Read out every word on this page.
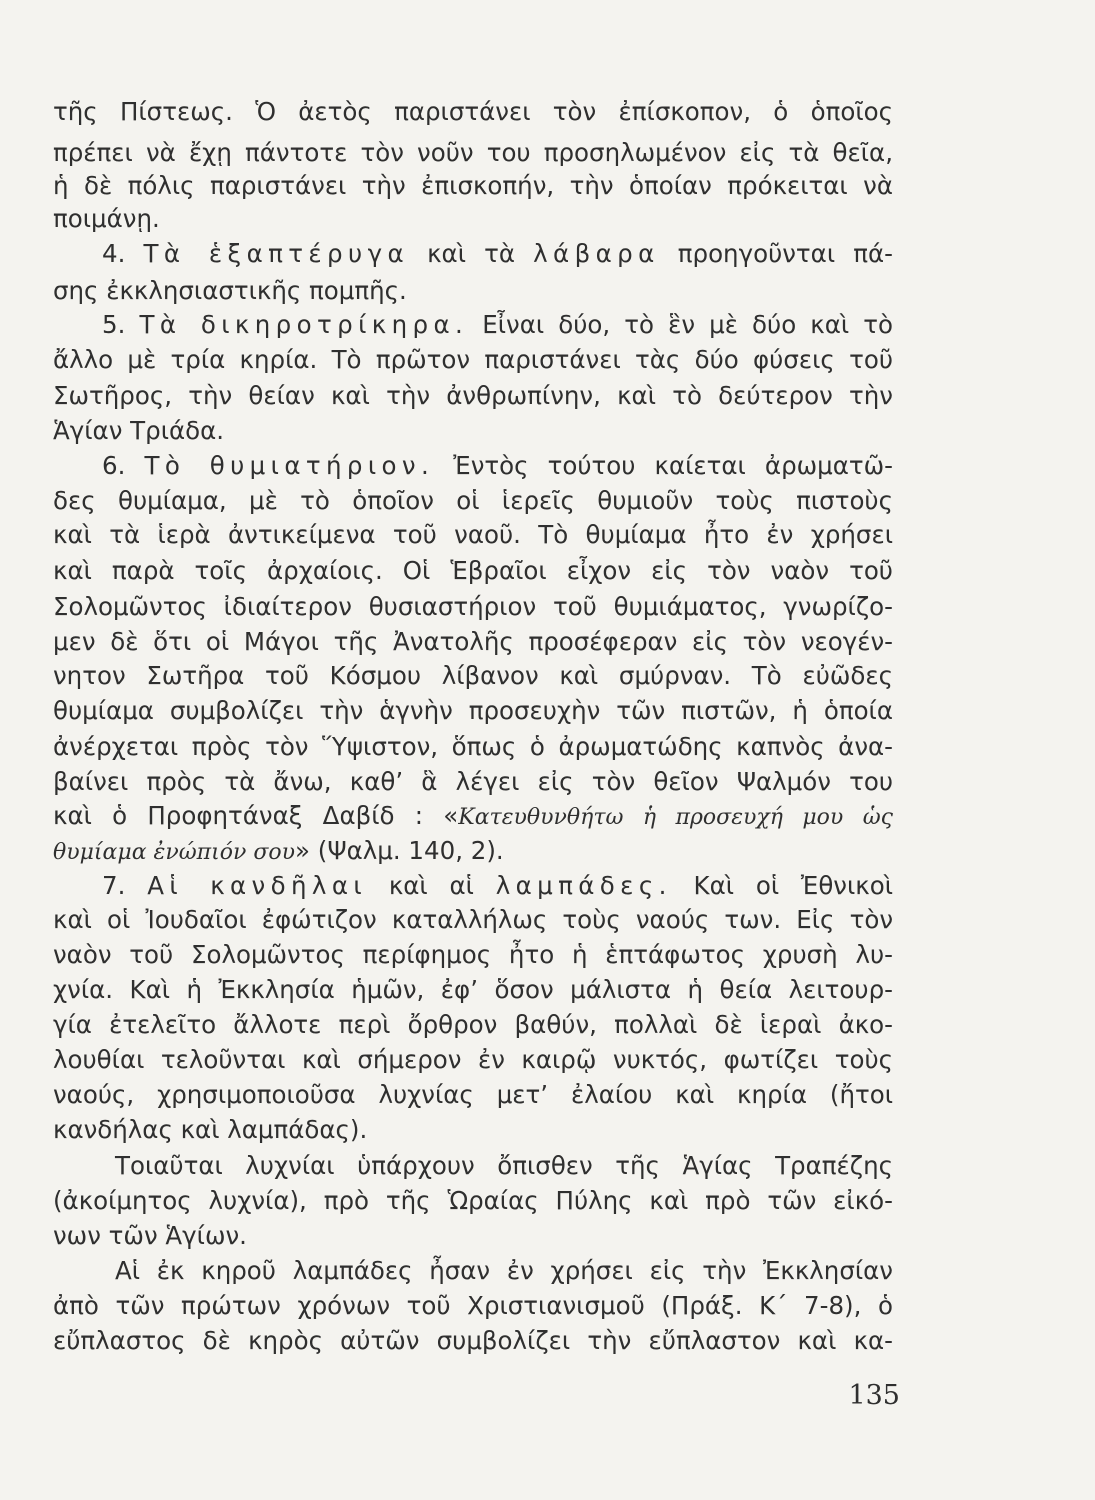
τῆς Πίστεως. Ὁ ἀετὸς παριστάνει τὸν ἐπίσκοπον, ὁ ὁποῖος
πρέπει νὰ ἔχῃ πάντοτε τὸν νοῦν του προσηλωμένον εἰς τὰ θεῖα,
ἡ δὲ πόλις παριστάνει τὴν ἐπισκοπήν, τὴν ὁποίαν πρόκειται νὰ
ποιμάνῃ.
4. Τὰ ἑξαπτέρυγα καὶ τὰ λάβαρα προηγοῦνται πά-
σης ἐκκλησιαστικῆς πομπῆς.
5. Τὰ δικηροτρίκηρα. Εἶναι δύο, τὸ ἓν μὲ δύο καὶ τὸ
ἄλλο μὲ τρία κηρία. Τὸ πρῶτον παριστάνει τὰς δύο φύσεις τοῦ
Σωτῆρος, τὴν θείαν καὶ τὴν ἀνθρωπίνην, καὶ τὸ δεύτερον τὴν
Ἁγίαν Τριάδα.
6. Τὸ θυμιατήριον. Ἐντὸς τούτου καίεται ἀρωματῶ-
δες θυμίαμα, μὲ τὸ ὁποῖον οἱ ἱερεῖς θυμιοῦν τοὺς πιστοὺς
καὶ τὰ ἱερὰ ἀντικείμενα τοῦ ναοῦ. Τὸ θυμίαμα ἦτο ἐν χρήσει
καὶ παρὰ τοῖς ἀρχαίοις. Οἱ Ἑβραῖοι εἶχον εἰς τὸν ναὸν τοῦ
Σολομῶντος ἰδιαίτερον θυσιαστήριον τοῦ θυμιάματος, γνωρίζο-
μεν δὲ ὅτι οἱ Μάγοι τῆς Ἀνατολῆς προσέφεραν εἰς τὸν νεογέν-
νητον Σωτῆρα τοῦ Κόσμου λίβανον καὶ σμύρναν. Τὸ εὐῶδες
θυμίαμα συμβολίζει τὴν ἁγνὴν προσευχὴν τῶν πιστῶν, ἡ ὁποία
ἀνέρχεται πρὸς τὸν Ὕψιστον, ὅπως ὁ ἀρωματώδης καπνὸς ἀνα-
βαίνει πρὸς τὰ ἄνω, καθ’ ἃ λέγει εἰς τὸν θεῖον Ψαλμόν του
καὶ ὁ Προφητάναξ Δαβίδ : «Κατευθυνθήτω ἡ προσευχή μου ὡς
θυμίαμα ἐνώπιόν σου» (Ψαλμ. 140, 2).
7. Αἱ κανδῆλαι καὶ αἱ λαμπάδες. Καὶ οἱ Ἐθνικοὶ
καὶ οἱ Ἰουδαῖοι ἐφώτιζον καταλλήλως τοὺς ναούς των. Εἰς τὸν
ναὸν τοῦ Σολομῶντος περίφημος ἦτο ἡ ἑπτάφωτος χρυσὴ λυ-
χνία. Καὶ ἡ Ἐκκλησία ἡμῶν, ἐφ’ ὅσον μάλιστα ἡ θεία λειτουρ-
γία ἐτελεῖτο ἄλλοτε περὶ ὄρθρον βαθύν, πολλαὶ δὲ ἱεραὶ ἀκο-
λουθίαι τελοῦνται καὶ σήμερον ἐν καιρῷ νυκτός, φωτίζει τοὺς
ναούς, χρησιμοποιοῦσα λυχνίας μετ’ ἐλαίου καὶ κηρία (ἤτοι
κανδήλας καὶ λαμπάδας).
Τοιαῦται λυχνίαι ὑπάρχουν ὄπισθεν τῆς Ἁγίας Τραπέζης
(ἀκοίμητος λυχνία), πρὸ τῆς Ὡραίας Πύλης καὶ πρὸ τῶν εἰκό-
νων τῶν Ἁγίων.
Αἱ ἐκ κηροῦ λαμπάδες ἦσαν ἐν χρήσει εἰς τὴν Ἐκκλησίαν
ἀπὸ τῶν πρώτων χρόνων τοῦ Χριστιανισμοῦ (Πράξ. Κ΄ 7-8), ὁ
εὔπλαστος δὲ κηρὸς αὐτῶν συμβολίζει τὴν εὔπλαστον καὶ κα-
135
